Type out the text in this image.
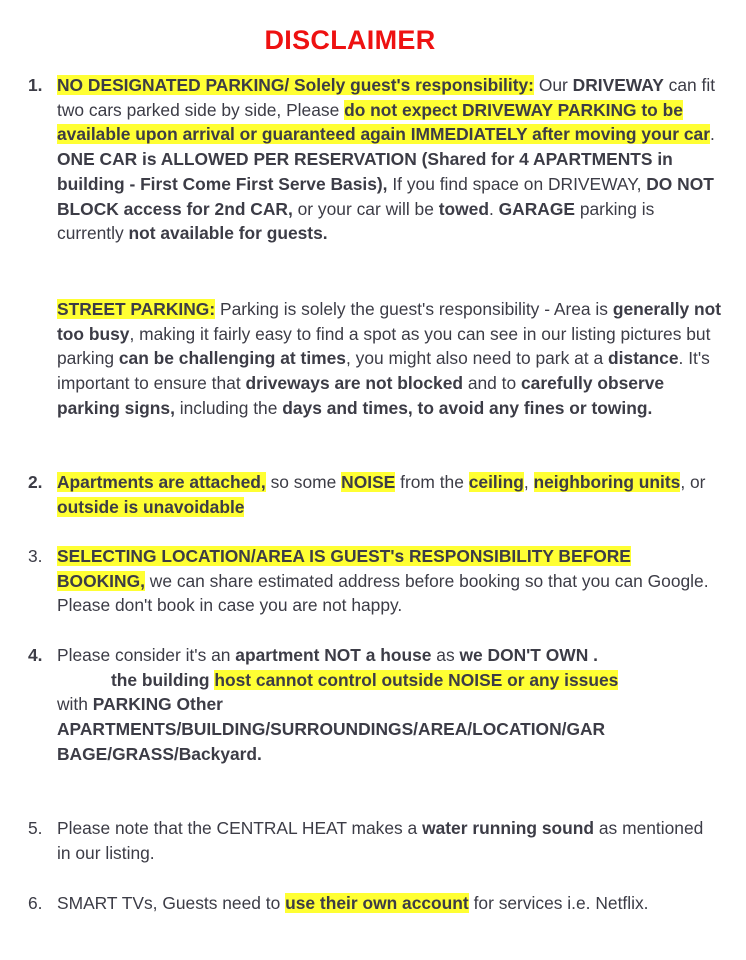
DISCLAIMER
1. NO DESIGNATED PARKING/ Solely guest's responsibility: Our DRIVEWAY can fit two cars parked side by side, Please do not expect DRIVEWAY PARKING to be available upon arrival or guaranteed again IMMEDIATELY after moving your car. ONE CAR is ALLOWED PER RESERVATION (Shared for 4 APARTMENTS in building - First Come First Serve Basis), If you find space on DRIVEWAY, DO NOT BLOCK access for 2nd CAR, or your car will be towed. GARAGE parking is currently not available for guests.
STREET PARKING: Parking is solely the guest's responsibility - Area is generally not too busy, making it fairly easy to find a spot as you can see in our listing pictures but parking can be challenging at times, you might also need to park at a distance. It's important to ensure that driveways are not blocked and to carefully observe parking signs, including the days and times, to avoid any fines or towing.
2. Apartments are attached, so some NOISE from the ceiling, neighboring units, or outside is unavoidable
3. SELECTING LOCATION/AREA IS GUEST's RESPONSIBILITY BEFORE BOOKING, we can share estimated address before booking so that you can Google. Please don't book in case you are not happy.
4. Please consider it's an apartment NOT a house as we DON'T OWN .
the building host cannot control outside NOISE or any issues
with PARKING Other APARTMENTS/BUILDING/SURROUNDINGS/AREA/LOCATION/GAR BAGE/GRASS/Backyard.
5. Please note that the CENTRAL HEAT makes a water running sound as mentioned in our listing.
6. SMART TVs, Guests need to use their own account for services i.e. Netflix.
